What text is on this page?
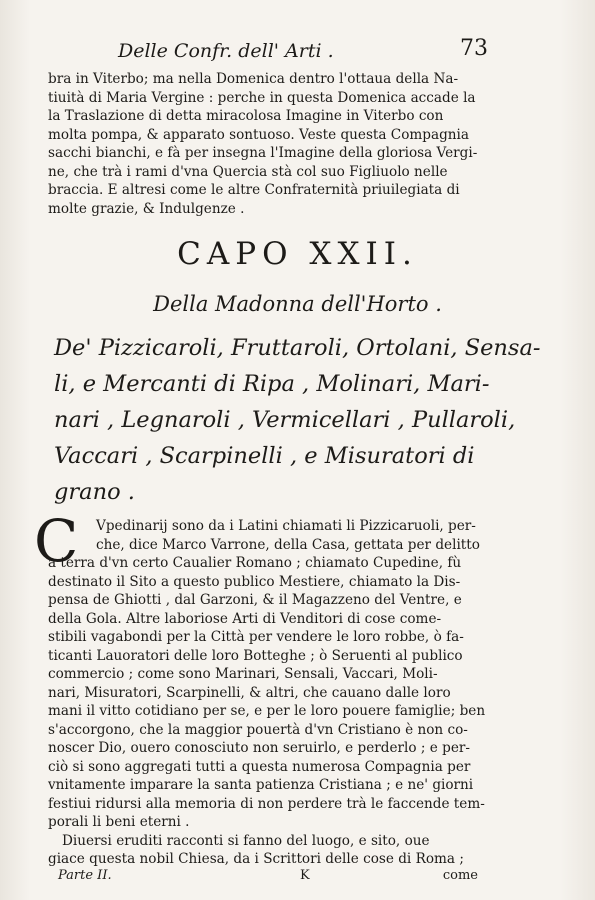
Delle Confr. dell' Arti .	73
bra in Viterbo; ma nella Domenica dentro l'ottaua della Na-
tiuità di Maria Vergine : perche in questa Domenica accade la
la Traslazione di detta miracolosa Imagine in Viterbo con
molta pompa, & apparato sontuoso. Veste questa Compagnia
sacchi bianchi, e fà per insegna l'Imagine della gloriosa Vergi-
ne, che trà i rami d'vna Quercia stà col suo Figliuolo nelle
braccia. E altresi come le altre Confraternità priuilegiata di
molte grazie, & Indulgenze .
CAPO XXII.
Della Madonna dell'Horto .
De' Pizzicaroli, Fruttaroli, Ortolani, Sensa-
li, e Mercanti di Ripa , Molinari, Mari-
nari , Legnaroli , Vermicellari , Pullaroli,
Vaccari , Scarpinelli , e Misuratori di
grano .
C	Vpedinarij sono da i Latini chiamati li Pizzicaruoli, per-
che, dice Marco Varrone, della Casa, gettata per delitto
a terra d'vn certo Caualier Romano ; chiamato Cupedine, fù
destinato il Sito a questo publico Mestiere, chiamato la Dis-
pensa de Ghiotti , dal Garzoni, & il Magazzeno del Ventre, e
della Gola. Altre laboriose Arti di Venditori di cose come-
stibili vagabondi per la Città per vendere le loro robbe, ò fa-
ticanti Lauoratori delle loro Botteghe ; ò Seruenti al publico
commercio ; come sono Marinari, Sensali, Vaccari, Moli-
nari, Misuratori, Scarpinelli, & altri, che cauano dalle loro
mani il vitto cotidiano per se, e per le loro pouere famiglie; ben
s'accorgono, che la maggior pouertà d'vn Cristiano è non co-
noscer Dio, ouero conosciuto non seruirlo, e perderlo ; e per-
ciò si sono aggregati tutti a questa numerosa Compagnia per
vnitamente imparare la santa patienza Cristiana ; e ne' giorni
festiui ridursi alla memoria di non perdere trà le faccende tem-
porali li beni eterni .
Diuersi eruditi racconti si fanno del luogo, e sito, oue
giace questa nobil Chiesa, da i Scrittori delle cose di Roma ;
Parte II.	K	come
